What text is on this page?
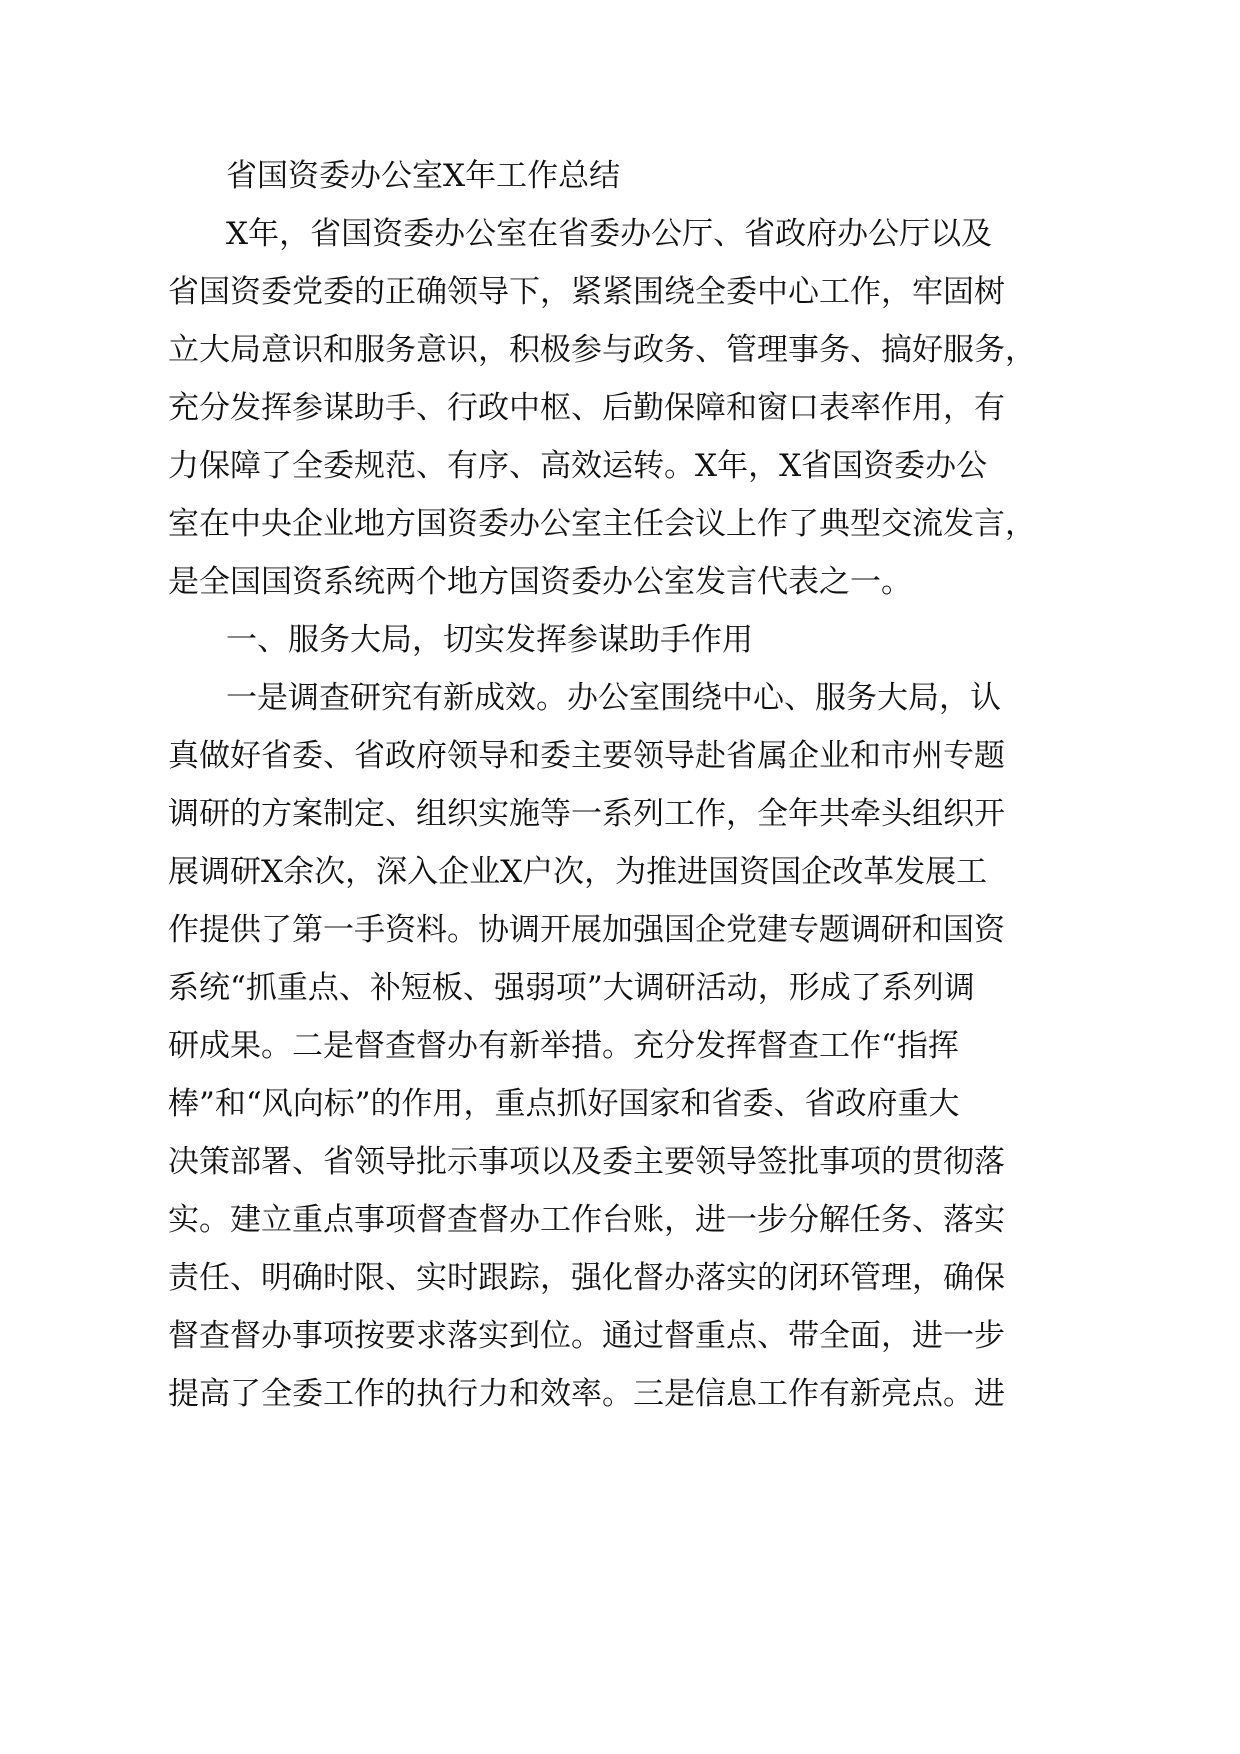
省国资委办公室X年工作总结

X年，省国资委办公室在省委办公厅、省政府办公厅以及

省国资委党委的正确领导下，紧紧围绕全委中心工作，牢固树

立大局意识和服务意识，积极参与政务、管理事务、搞好服务，

充分发挥参谋助手、行政中枢、后勤保障和窗口表率作用，有

力保障了全委规范、有序、高效运转。X年，X省国资委办公

室在中央企业地方国资委办公室主任会议上作了典型交流发言，

是全国国资系统两个地方国资委办公室发言代表之一。

一、服务大局，切实发挥参谋助手作用

一是调查研究有新成效。办公室围绕中心、服务大局，认

真做好省委、省政府领导和委主要领导赴省属企业和市州专题

调研的方案制定、组织实施等一系列工作，全年共牵头组织开

展调研X余次，深入企业X户次，为推进国资国企改革发展工

作提供了第一手资料。协调开展加强国企党建专题调研和国资

系统“抓重点、补短板、强弱项”大调研活动，形成了系列调

研成果。二是督查督办有新举措。充分发挥督查工作“指挥

棒”和“风向标”的作用，重点抓好国家和省委、省政府重大

决策部署、省领导批示事项以及委主要领导签批事项的贯彻落

实。建立重点事项督查督办工作台账，进一步分解任务、落实

责任、明确时限、实时跟踪，强化督办落实的闭环管理，确保

督查督办事项按要求落实到位。通过督重点、带全面，进一步

提高了全委工作的执行力和效率。三是信息工作有新亮点。进
